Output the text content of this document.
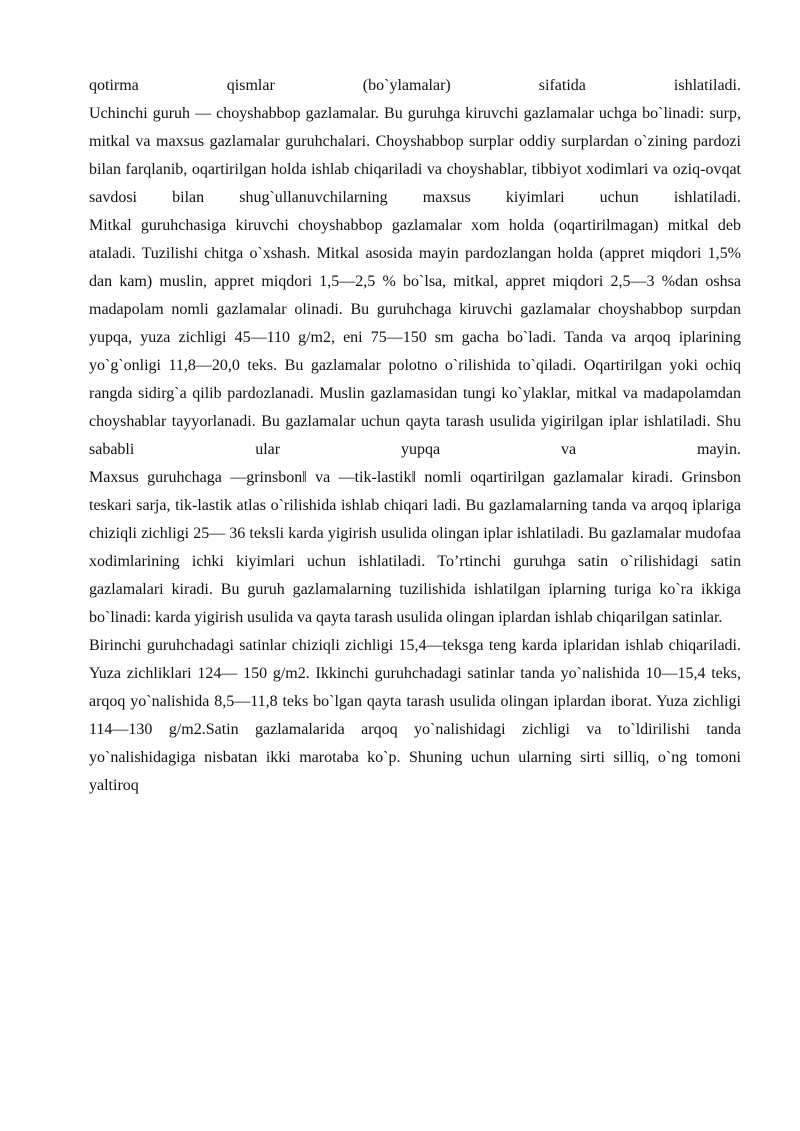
qotirma qismlar (bo`ylamalar) sifatida ishlatiladi.

Uchinchi guruh — choyshabbop gazlamalar. Bu guruhga kiruvchi gazlamalar uchga bo`linadi: surp, mitkal va maxsus gazlamalar guruhchalari. Choyshabbop surplar oddiy surplardan o`zining pardozi bilan farqlanib, oqartirilgan holda ishlab chiqariladi va choyshablar, tibbiyot xodimlari va oziq-ovqat savdosi bilan shug`ullanuvchilarning maxsus kiyimlari uchun ishlatiladi.

Mitkal guruhchasiga kiruvchi choyshabbop gazlamalar xom holda (oqartirilmagan) mitkal deb ataladi. Tuzilishi chitga o`xshash. Mitkal asosida mayin pardozlangan holda (appret miqdori 1,5% dan kam) muslin, appret miqdori 1,5—2,5 % bo`lsa, mitkal, appret miqdori 2,5—3 %dan oshsa madapolam nomli gazlamalar olinadi. Bu guruhchaga kiruvchi gazlamalar choyshabbop surpdan yupqa, yuza zichligi 45—110 g/m2, eni 75—150 sm gacha bo`ladi. Tanda va arqoq iplarining yo`g`onligi 11,8—20,0 teks. Bu gazlamalar polotno o`rilishida to`qiladi. Oqartirilgan yoki ochiq rangda sidirg`a qilib pardozlanadi. Muslin gazlamasidan tungi ko`ylaklar, mitkal va madapolamdan choyshablar tayyorlanadi. Bu gazlamalar uchun qayta tarash usulida yigirilgan iplar ishlatiladi. Shu sababli ular yupqa va mayin.

Maxsus guruhchaga ―grinsbon‖ va ―tik-lastik‖ nomli oqartirilgan gazlamalar kiradi. Grinsbon teskari sarja, tik-lastik atlas o`rilishida ishlab chiqari ladi. Bu gazlamalarning tanda va arqoq iplariga chiziqli zichligi 25— 36 teksli karda yigirish usulida olingan iplar ishlatiladi. Bu gazlamalar mudofaa xodimlarining ichki kiyimlari uchun ishlatiladi. To’rtinchi guruhga satin o`rilishidagi satin gazlamalari kiradi. Bu guruh gazlamalarning tuzilishida ishlatilgan iplarning turiga ko`ra ikkiga bo`linadi: karda yigirish usulida va qayta tarash usulida olingan iplardan ishlab chiqarilgan satinlar.

Birinchi guruhchadagi satinlar chiziqli zichligi 15,4—teksga teng karda iplaridan ishlab chiqariladi. Yuza zichliklari 124— 150 g/m2. Ikkinchi guruhchadagi satinlar tanda yo`nalishida 10—15,4 teks, arqoq yo`nalishida 8,5—11,8 teks bo`lgan qayta tarash usulida olingan iplardan iborat. Yuza zichligi 114—130 g/m2.Satin gazlamalarida arqoq yo`nalishidagi zichligi va to`ldirilishi tanda yo`nalishidagiga nisbatan ikki marotaba ko`p. Shuning uchun ularning sirti silliq, o`ng tomoni yaltiroq
